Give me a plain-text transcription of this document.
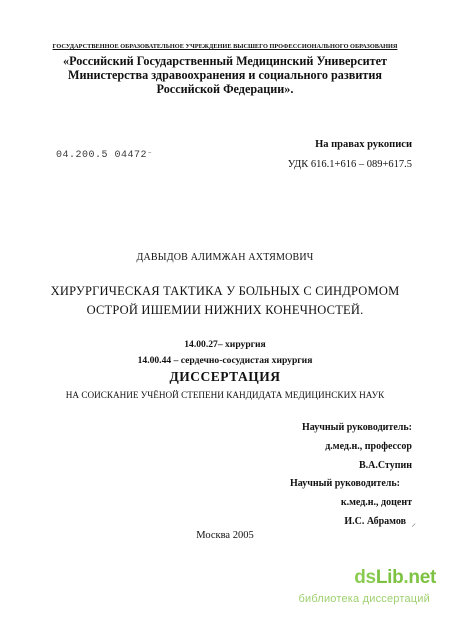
ГОСУДАРСТВЕННОЕ ОБРАЗОВАТЕЛЬНОЕ УЧРЕЖДЕНИЕ ВЫСШЕГО ПРОФЕССИОНАЛЬНОГО ОБРАЗОВАНИЯ
«Российский Государственный Медицинский Университет
Министерства здравоохранения и социального развития
Российской Федерации».
04.200.5 04472⁻
На правах рукописи
УДК 616.1+616 – 089+617.5
ДАВЫДОВ АЛИМЖАН АХТЯМОВИЧ
ХИРУРГИЧЕСКАЯ ТАКТИКА У БОЛЬНЫХ С СИНДРОМОМ
ОСТРОЙ ИШЕМИИ НИЖНИХ КОНЕЧНОСТЕЙ.
14.00.27– хирургия
14.00.44 – сердечно-сосудистая хирургия
ДИССЕРТАЦИЯ
НА СОИСКАНИЕ УЧЁНОЙ СТЕПЕНИ КАНДИДАТА МЕДИЦИНСКИХ НАУК
Научный руководитель:
д.мед.н., профессор
В.А.Ступин
Научный руководитель:
к.мед.н., доцент
И.С. Абрамов ⸝
Москва 2005
dsLib.net
библиотека диссертаций
